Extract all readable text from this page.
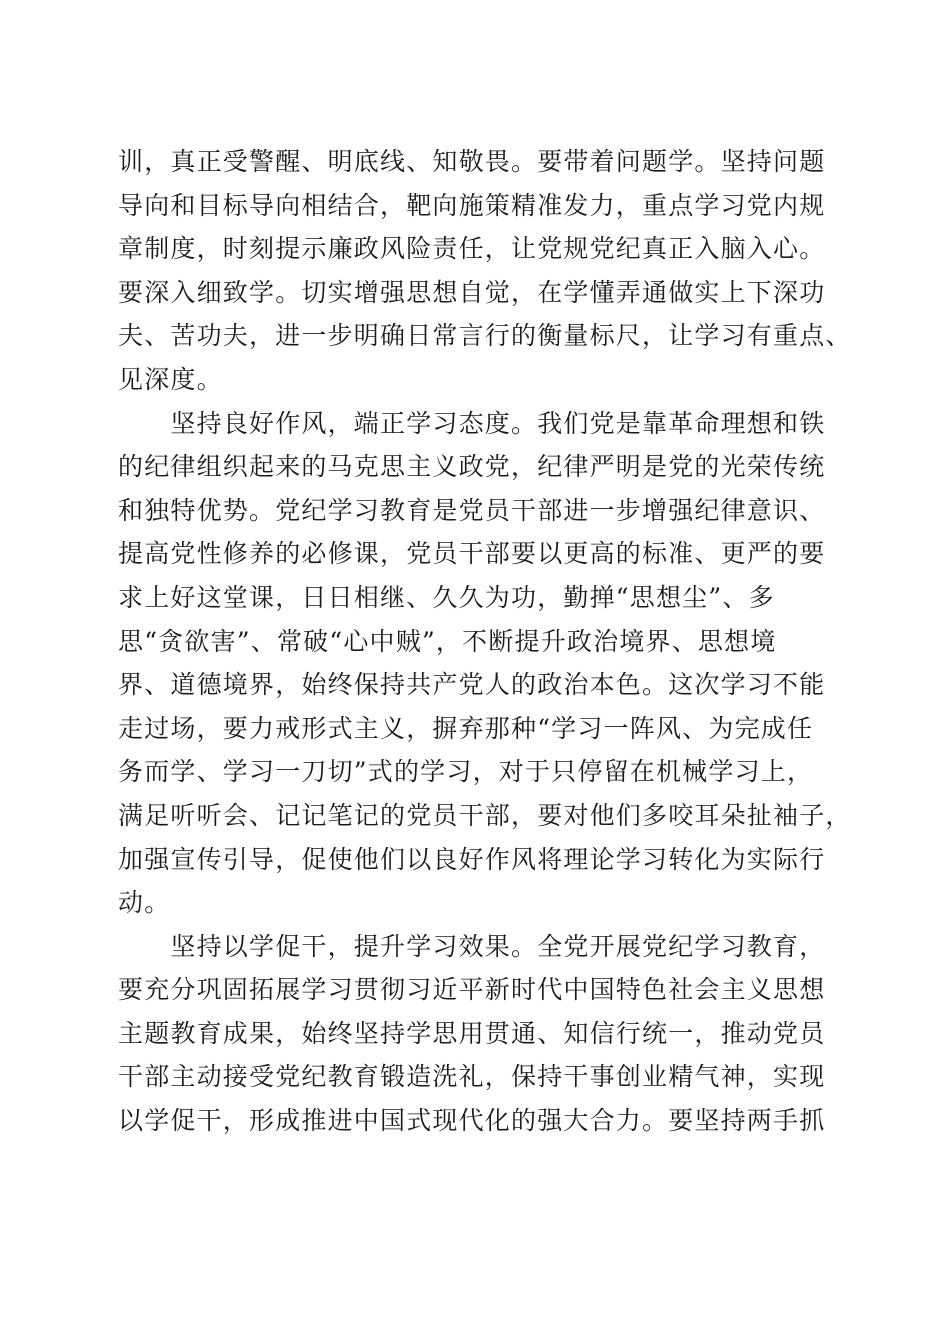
训，真正受警醒、明底线、知敬畏。要带着问题学。坚持问题
导向和目标导向相结合，靶向施策精准发力，重点学习党内规
章制度，时刻提示廉政风险责任，让党规党纪真正入脑入心。
要深入细致学。切实增强思想自觉，在学懂弄通做实上下深功
夫、苦功夫，进一步明确日常言行的衡量标尺，让学习有重点、
见深度。
　　坚持良好作风，端正学习态度。我们党是靠革命理想和铁
的纪律组织起来的马克思主义政党，纪律严明是党的光荣传统
和独特优势。党纪学习教育是党员干部进一步增强纪律意识、
提高党性修养的必修课，党员干部要以更高的标准、更严的要
求上好这堂课，日日相继、久久为功，勤掸“思想尘”、多
思“贪欲害”、常破“心中贼”，不断提升政治境界、思想境
界、道德境界，始终保持共产党人的政治本色。这次学习不能
走过场，要力戒形式主义，摒弃那种“学习一阵风、为完成任
务而学、学习一刀切”式的学习，对于只停留在机械学习上，
满足听听会、记记笔记的党员干部，要对他们多咬耳朵扯袖子，
加强宣传引导，促使他们以良好作风将理论学习转化为实际行
动。
　　坚持以学促干，提升学习效果。全党开展党纪学习教育，
要充分巩固拓展学习贯彻习近平新时代中国特色社会主义思想
主题教育成果，始终坚持学思用贯通、知信行统一，推动党员
干部主动接受党纪教育锻造洗礼，保持干事创业精气神，实现
以学促干，形成推进中国式现代化的强大合力。要坚持两手抓
